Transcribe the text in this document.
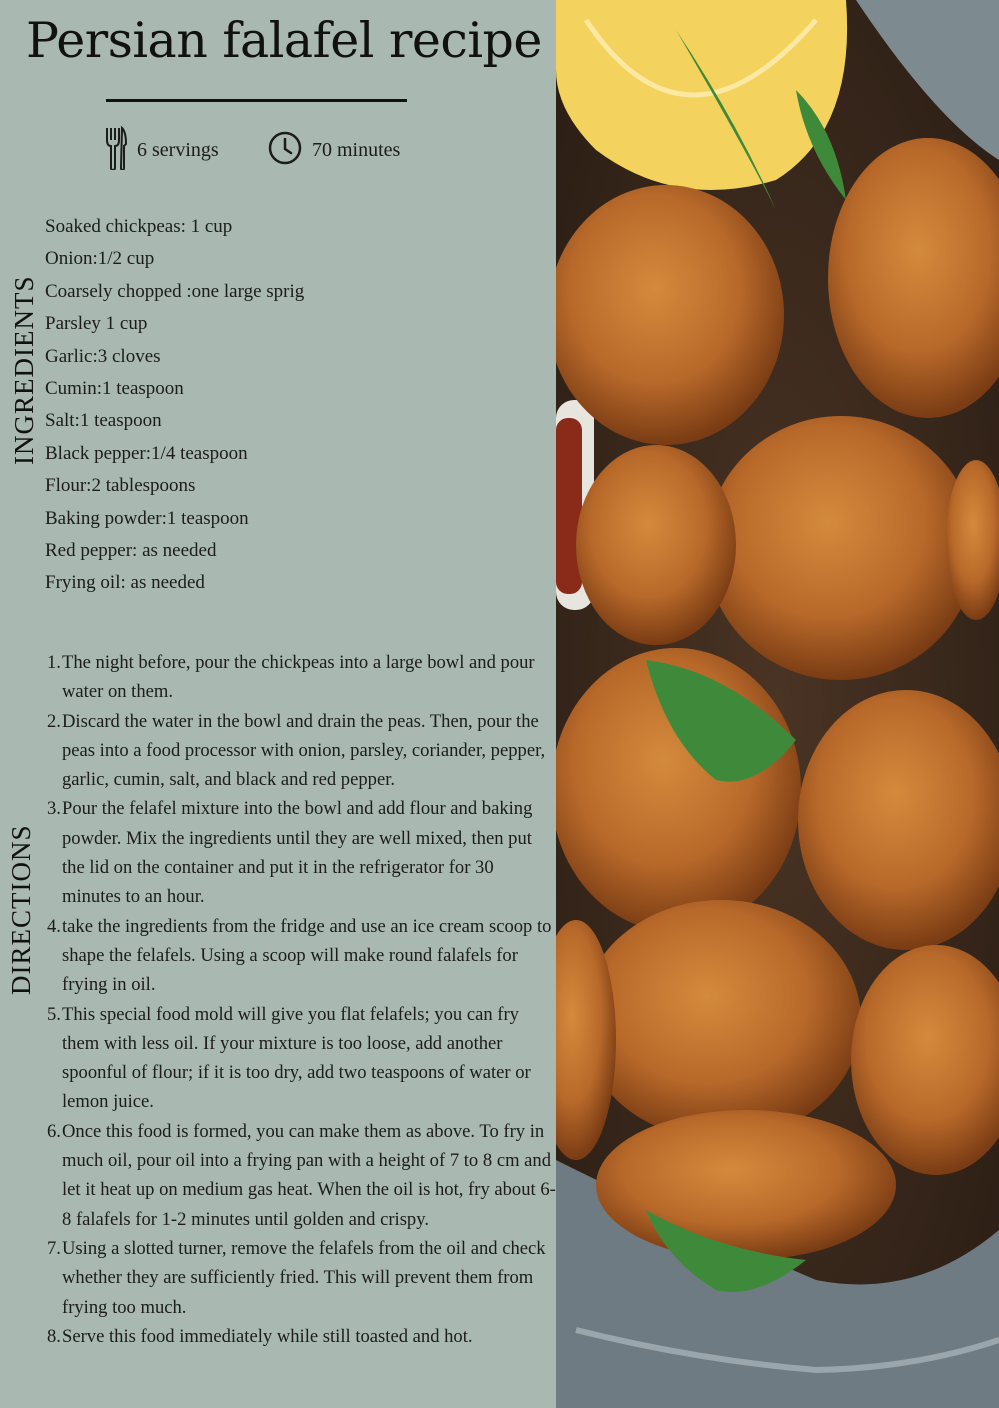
Persian falafel recipe
6 servings	70 minutes
INGREDIENTS
DIRECTIONS
Soaked chickpeas: 1 cup
Onion:1/2 cup
Coarsely chopped :one large sprig
Parsley 1 cup
Garlic:3 cloves
Cumin:1 teaspoon
Salt:1 teaspoon
Black pepper:1/4 teaspoon
Flour:2 tablespoons
Baking powder:1 teaspoon
Red pepper: as needed
Frying oil: as needed
1. The night before, pour the chickpeas into a large bowl and pour water on them.
2. Discard the water in the bowl and drain the peas. Then, pour the peas into a food processor with onion, parsley, coriander, pepper, garlic, cumin, salt, and black and red pepper.
3. Pour the felafel mixture into the bowl and add flour and baking powder. Mix the ingredients until they are well mixed, then put the lid on the container and put it in the refrigerator for 30 minutes to an hour.
4. take the ingredients from the fridge and use an ice cream scoop to shape the felafels. Using a scoop will make round falafels for frying in oil.
5. This special food mold will give you flat felafels; you can fry them with less oil. If your mixture is too loose, add another spoonful of flour; if it is too dry, add two teaspoons of water or lemon juice.
6. Once this food is formed, you can make them as above. To fry in much oil, pour oil into a frying pan with a height of 7 to 8 cm and let it heat up on medium gas heat. When the oil is hot, fry about 6-8 falafels for 1-2 minutes until golden and crispy.
7. Using a slotted turner, remove the felafels from the oil and check whether they are sufficiently fried. This will prevent them from frying too much.
8. Serve this food immediately while still toasted and hot.
